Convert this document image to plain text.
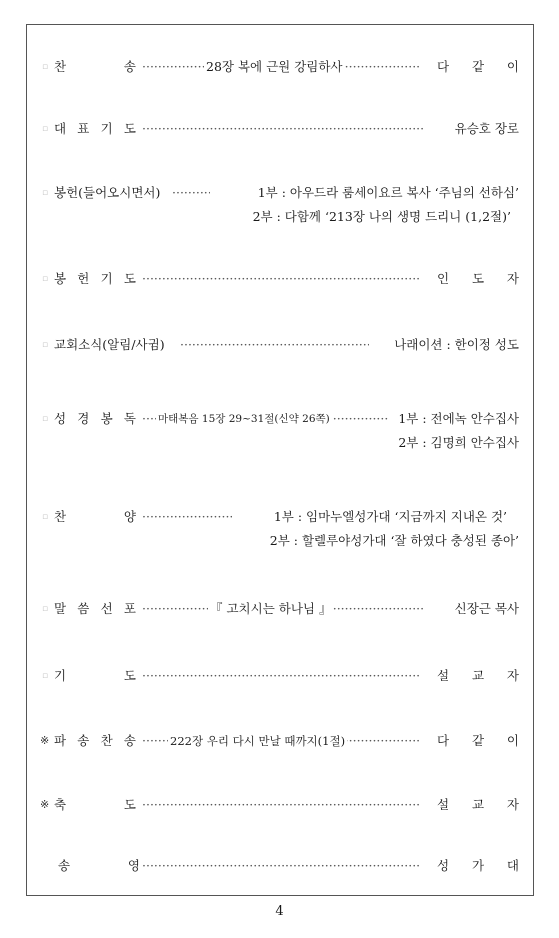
▫ 찬	송 ·····	28장 복에 근원 강림하사	다 같 이
▫ 대 표 기 도 ·····	유승호 장로
▫ 봉헌(들어오시면서) ·····	1부 : 아우드라 룸세이요르 복사 ‘주님의 선하심’
2부 : 다함께 ‘213장 나의 생명 드리니 (1,2절)’
▫ 봉 헌 기 도 ·····	인 도 자
▫ 교회소식(알림/사귐) ·····	나래이션 : 한이정 성도
▫ 성 경 봉 독 ····· 마태복음 15장 29~31절(신약 26쪽)	1부 : 전에녹 안수집사
2부 : 김명희 안수집사
▫ 찬	양 ·····	1부 : 임마누엘성가대 ‘지금까지 지내온 것’
2부 : 할렐루야성가대 ‘잘 하였다 충성된 종아’
▫ 말 씀 선 포 ·····	『 고치시는 하나님 』	신장근 목사
▫ 기	도 ·····	설 교 자
※ 파 송 찬 송 ·····	222장 우리 다시 만날 때까지(1절)	다 같 이
※ 축	도 ·····	설 교 자
송	영 ·····	성 가 대
4
